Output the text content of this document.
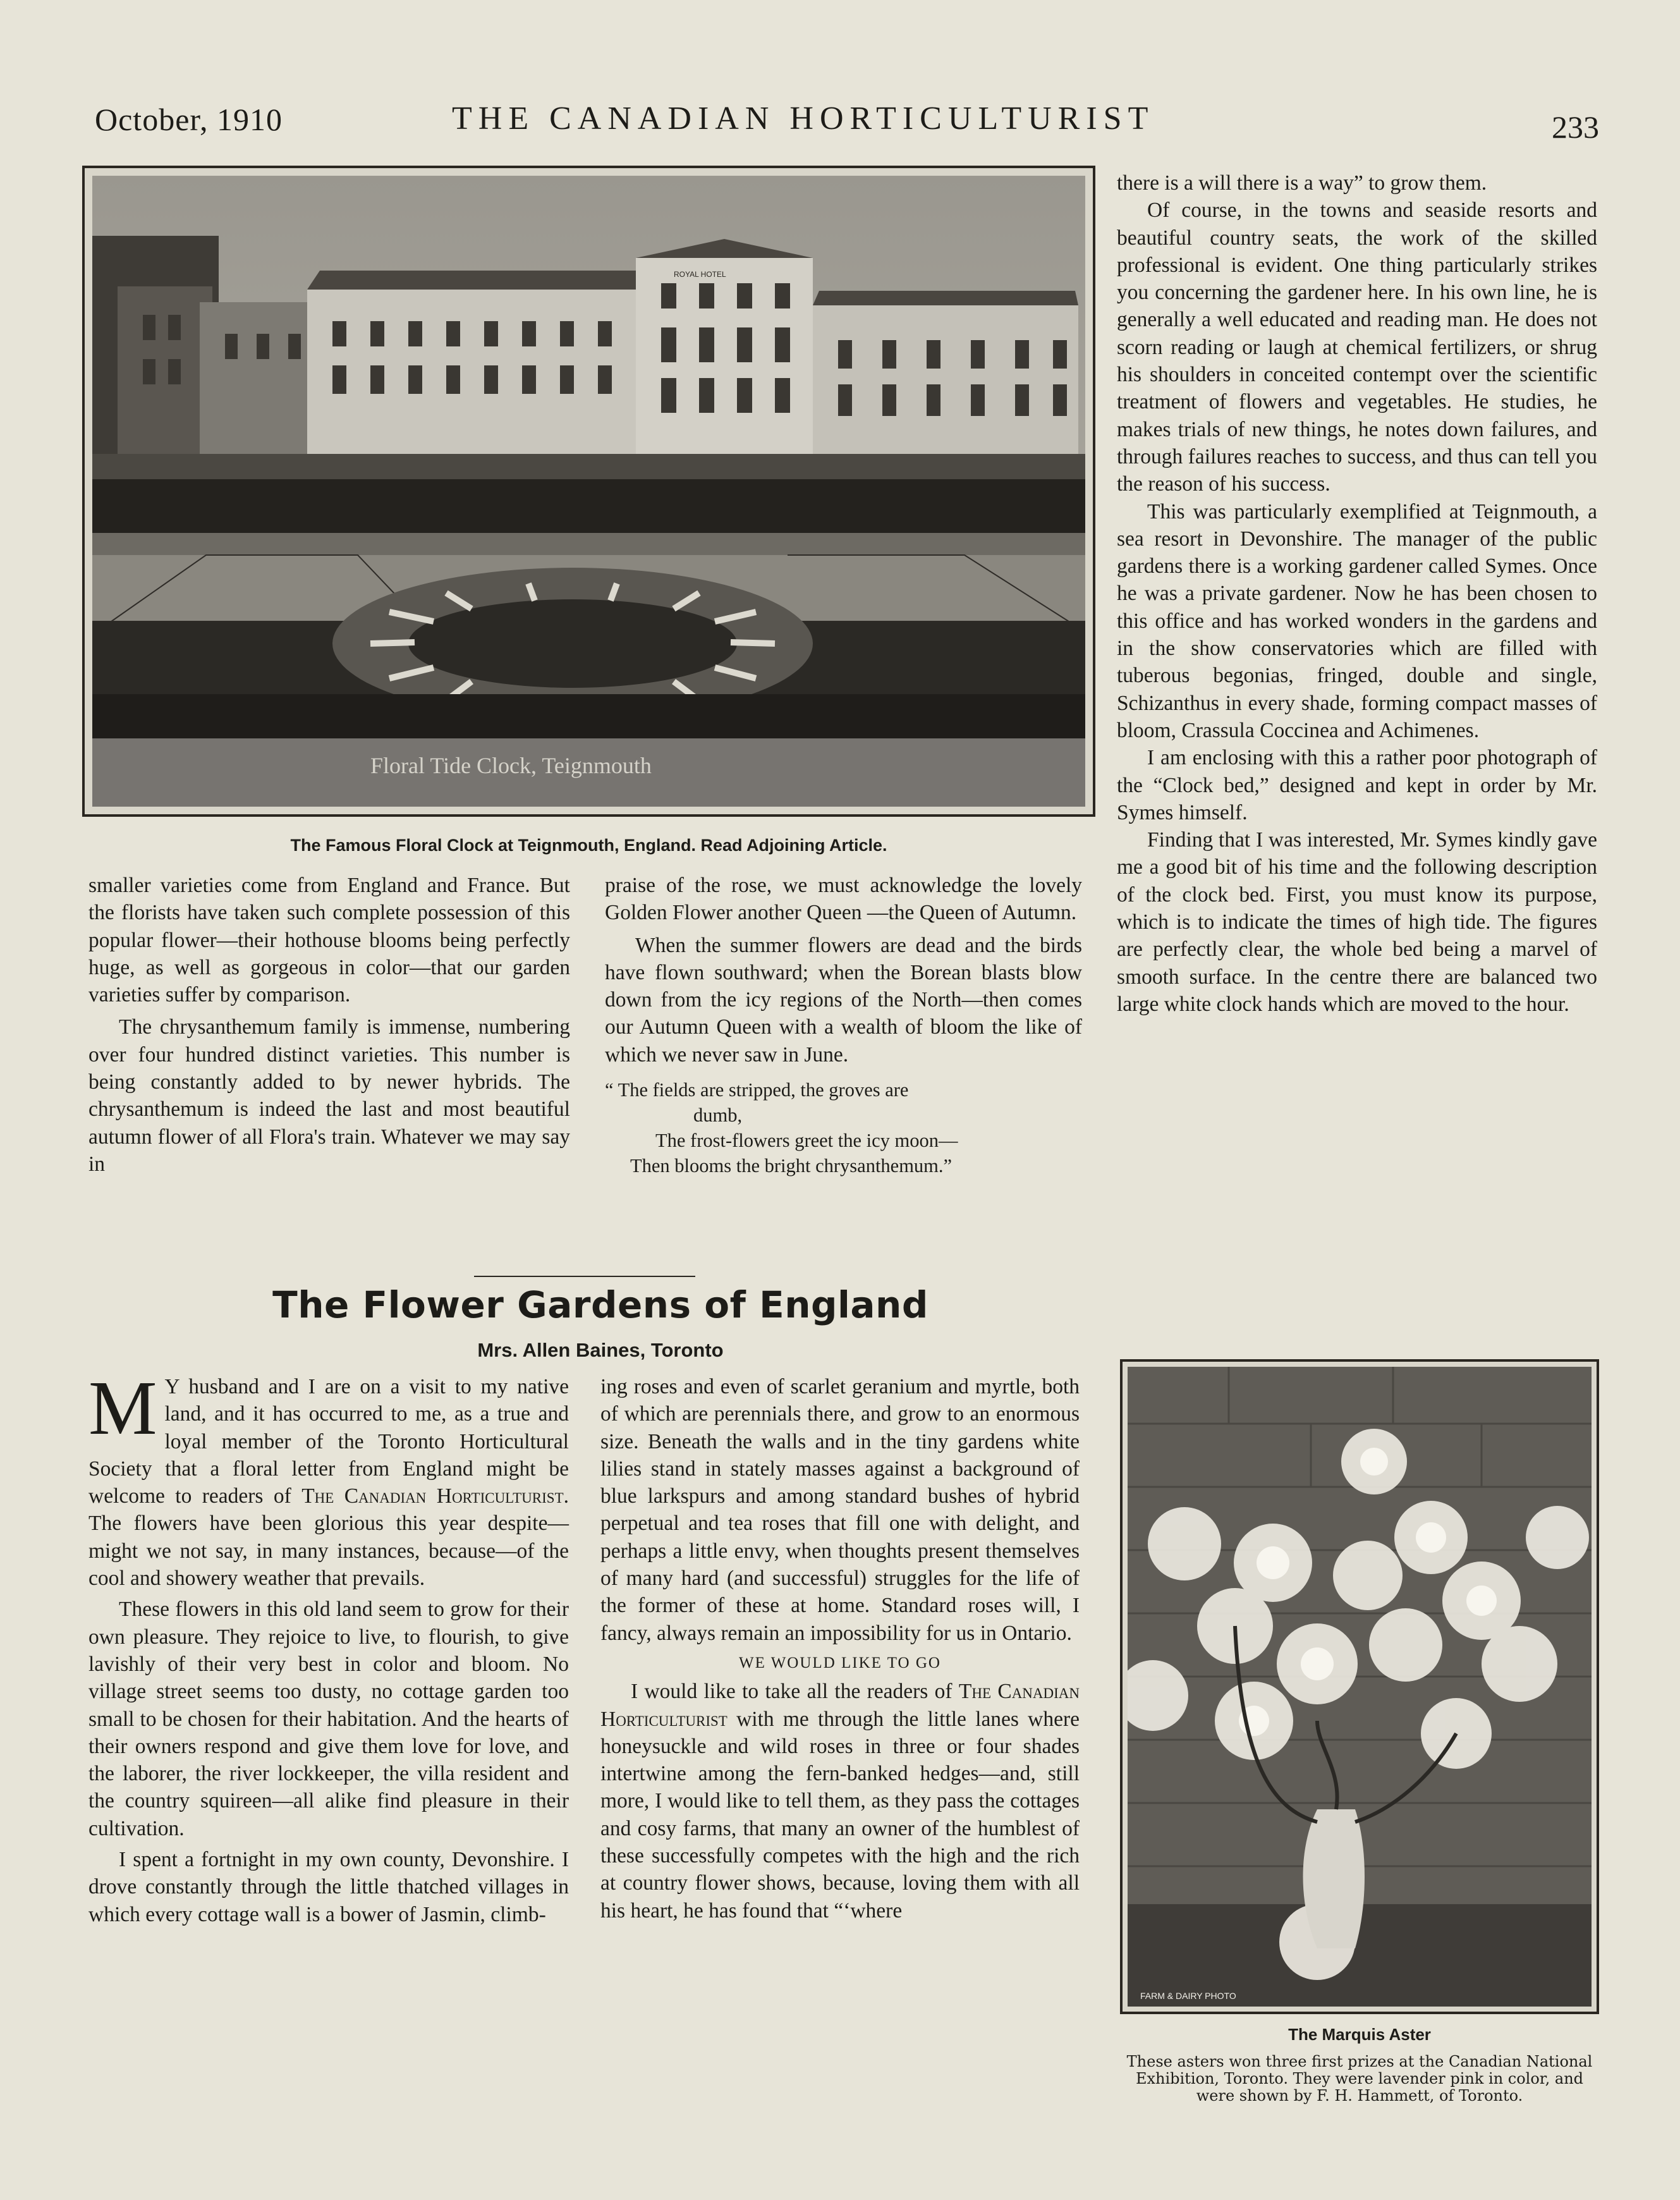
October, 1910	THE CANADIAN HORTICULTURIST	233
ROYAL HOTEL
Floral Tide Clock, Teignmouth
The Famous Floral Clock at Teignmouth, England. Read Adjoining Article.

smaller varieties come from England and France. But the florists have taken such complete possession of this popular flower—their hothouse blooms being perfectly huge, as well as gorgeous in color—that our garden varieties suffer by comparison.

The chrysanthemum family is immense, numbering over four hundred distinct varieties. This number is being constantly added to by newer hybrids. The chrysanthemum is indeed the last and most beautiful autumn flower of all Flora's train. Whatever we may say in

praise of the rose, we must acknowledge the lovely Golden Flower another Queen —the Queen of Autumn.

When the summer flowers are dead and the birds have flown southward; when the Borean blasts blow down from the icy regions of the North—then comes our Autumn Queen with a wealth of bloom the like of which we never saw in June.

“ The fields are stripped, the groves are
dumb,
The frost-flowers greet the icy moon—
Then blooms the bright chrysanthemum.”
The Flower Gardens of England
Mrs. Allen Baines, Toronto

M Y husband and I are on a visit to my native land, and it has occurred to me, as a true and loyal member of the Toronto Horticultural Society that a floral letter from England might be welcome to readers of The Canadian Horticulturist. The flowers have been glorious this year despite—might we not say, in many instances, because—of the cool and showery weather that prevails.

These flowers in this old land seem to grow for their own pleasure. They rejoice to live, to flourish, to give lavishly of their very best in color and bloom. No village street seems too dusty, no cottage garden too small to be chosen for their habitation. And the hearts of their owners respond and give them love for love, and the laborer, the river lockkeeper, the villa resident and the country squireen—all alike find pleasure in their cultivation.

I spent a fortnight in my own county, Devonshire. I drove constantly through the little thatched villages in which every cottage wall is a bower of Jasmin, climb-

ing roses and even of scarlet geranium and myrtle, both of which are perennials there, and grow to an enormous size. Beneath the walls and in the tiny gardens white lilies stand in stately masses against a background of blue larkspurs and among standard bushes of hybrid perpetual and tea roses that fill one with delight, and perhaps a little envy, when thoughts present themselves of many hard (and successful) struggles for the life of the former of these at home. Standard roses will, I fancy, always remain an impossibility for us in Ontario.

WE WOULD LIKE TO GO

I would like to take all the readers of The Canadian Horticulturist with me through the little lanes where honeysuckle and wild roses in three or four shades intertwine among the fern-banked hedges—and, still more, I would like to tell them, as they pass the cottages and cosy farms, that many an owner of the humblest of these successfully competes with the high and the rich at country flower shows, because, loving them with all his heart, he has found that “‘where

there is a will there is a way” to grow them.

Of course, in the towns and seaside resorts and beautiful country seats, the work of the skilled professional is evident. One thing particularly strikes you concerning the gardener here. In his own line, he is generally a well educated and reading man. He does not scorn reading or laugh at chemical fertilizers, or shrug his shoulders in conceited contempt over the scientific treatment of flowers and vegetables. He studies, he makes trials of new things, he notes down failures, and through failures reaches to success, and thus can tell you the reason of his success.

This was particularly exemplified at Teignmouth, a sea resort in Devonshire. The manager of the public gardens there is a working gardener called Symes. Once he was a private gardener. Now he has been chosen to this office and has worked wonders in the gardens and in the show conservatories which are filled with tuberous begonias, fringed, double and single, Schizanthus in every shade, forming compact masses of bloom, Crassula Coccinea and Achimenes.

I am enclosing with this a rather poor photograph of the “Clock bed,” designed and kept in order by Mr. Symes himself.

Finding that I was interested, Mr. Symes kindly gave me a good bit of his time and the following description of the clock bed. First, you must know its purpose, which is to indicate the times of high tide. The figures are perfectly clear, the whole bed being a marvel of smooth surface. In the centre there are balanced two large white clock hands which are moved to the hour.

FARM & DAIRY PHOTO
The Marquis Aster
These asters won three first prizes at the Canadian National Exhibition, Toronto. They were lavender pink in color, and were shown by F. H. Hammett, of Toronto.
